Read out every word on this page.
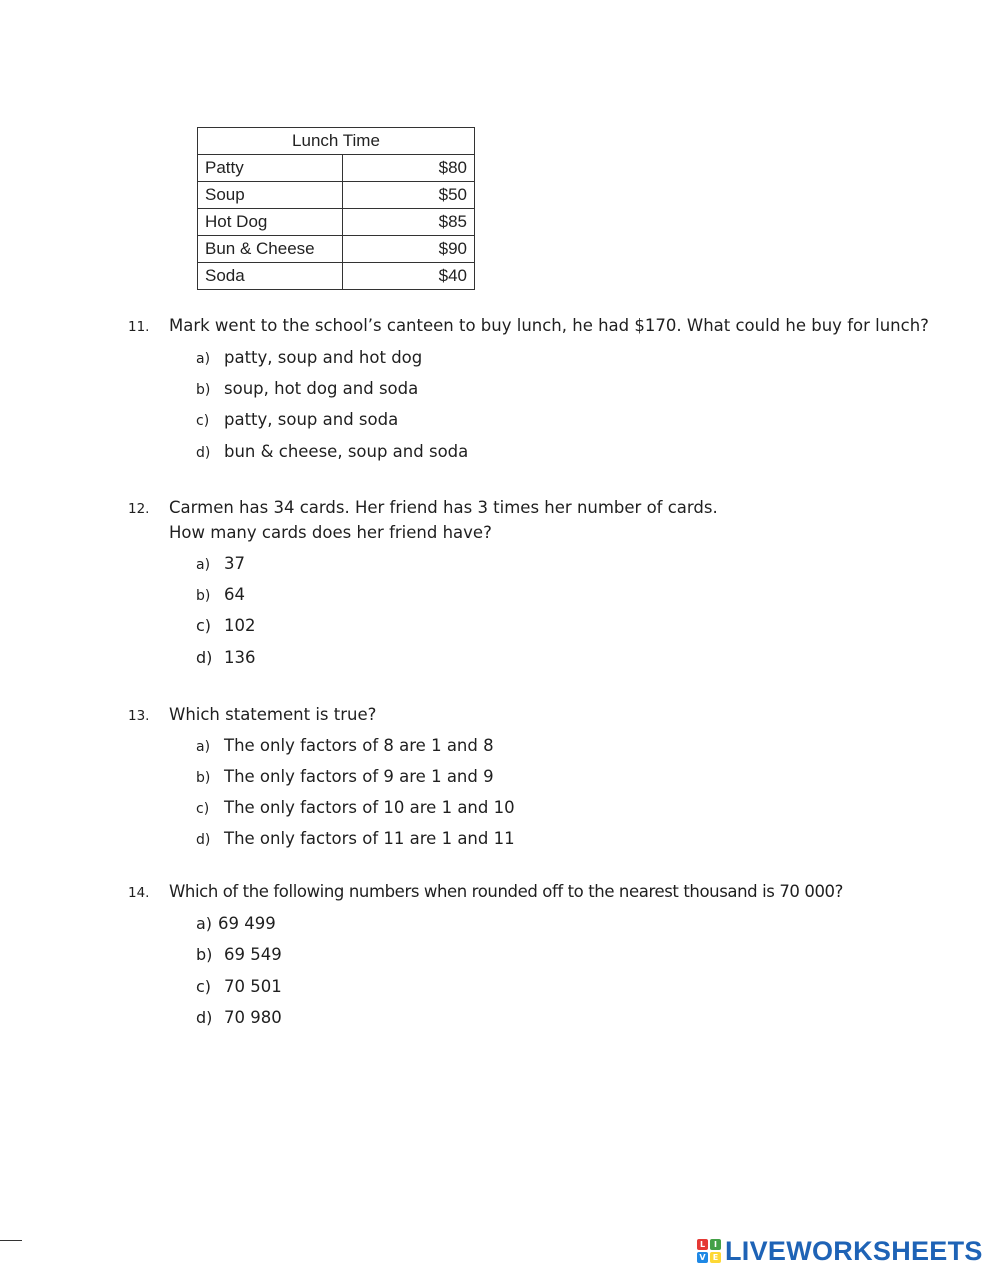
Lunch Time	
Patty	$80
Soup	$50
Hot Dog	$85
Bun & Cheese	$90
Soda	$40
11. Mark went to the school’s canteen to buy lunch, he had $170. What could he buy for lunch?
a) patty, soup and hot dog
b) soup, hot dog and soda
c) patty, soup and soda
d) bun & cheese, soup and soda
12. Carmen has 34 cards. Her friend has 3 times her number of cards.
How many cards does her friend have?
a) 37
b) 64
c) 102
d) 136
13. Which statement is true?
a) The only factors of 8 are 1 and 8
b) The only factors of 9 are 1 and 9
c) The only factors of 10 are 1 and 10
d) The only factors of 11 are 1 and 11
14. Which of the following numbers when rounded off to the nearest thousand is 70 000?
a) 69 499
b) 69 549
c) 70 501
d) 70 980
L	I
V E LIVEWORKSHEETS
